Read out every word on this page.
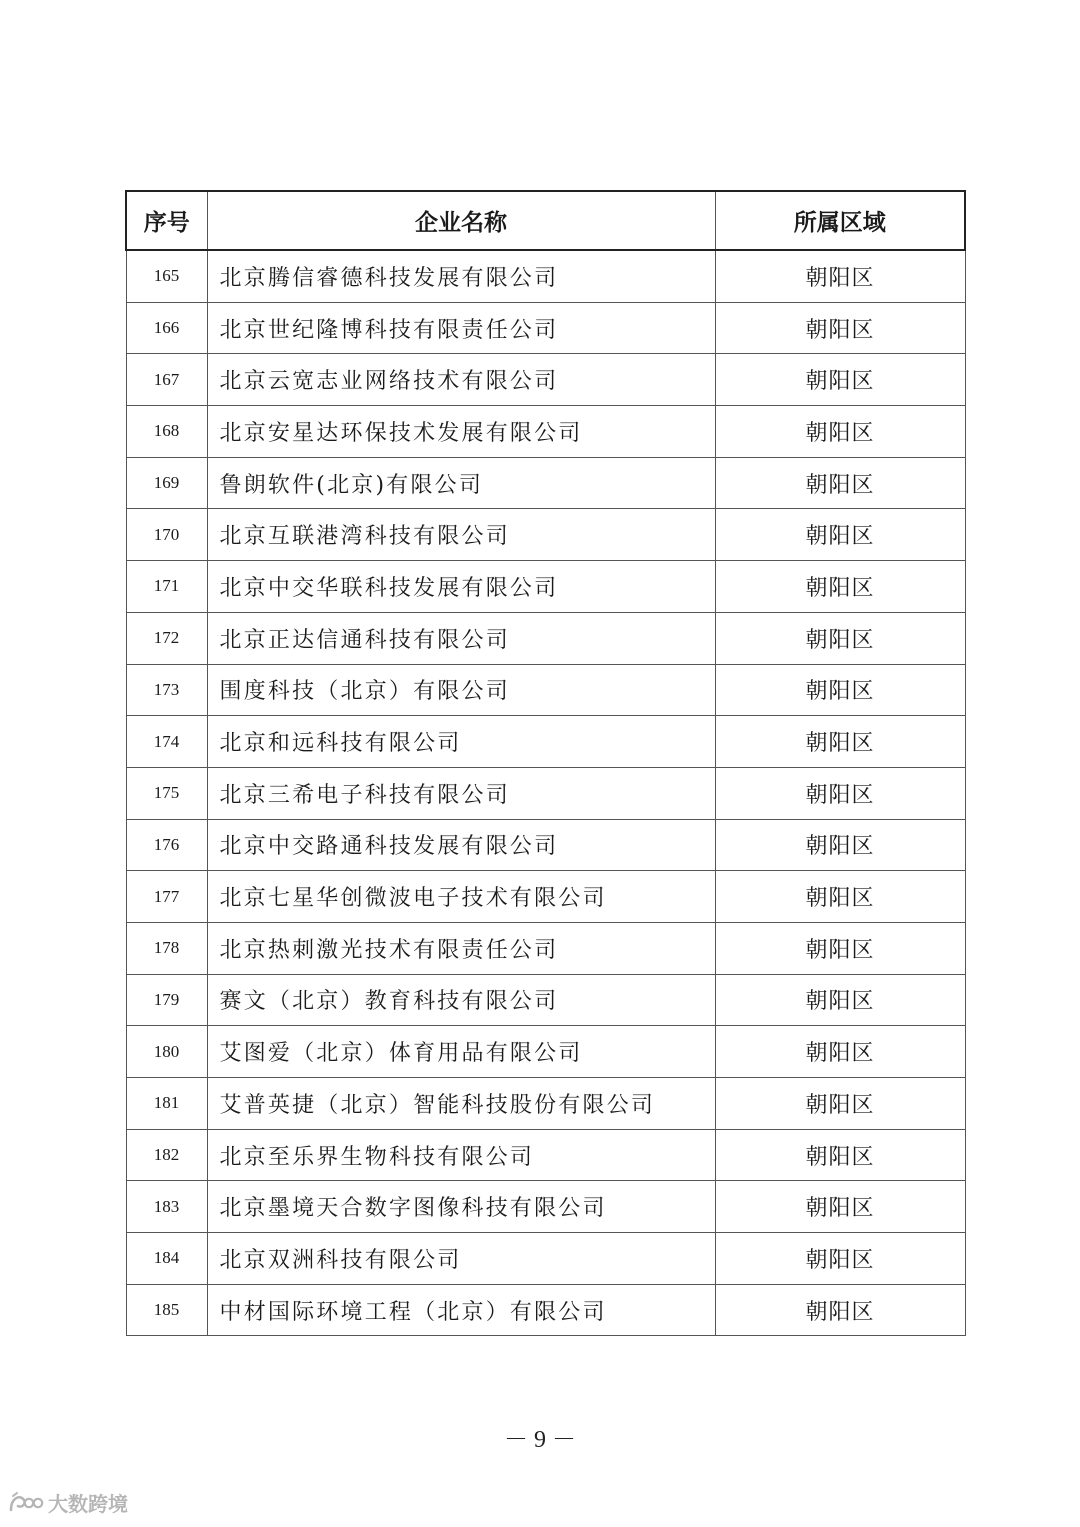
序号	企业名称	所属区域
165	北京腾信睿德科技发展有限公司	朝阳区
166	北京世纪隆博科技有限责任公司	朝阳区
167	北京云宽志业网络技术有限公司	朝阳区
168	北京安星达环保技术发展有限公司	朝阳区
169	鲁朗软件(北京)有限公司	朝阳区
170	北京互联港湾科技有限公司	朝阳区
171	北京中交华联科技发展有限公司	朝阳区
172	北京正达信通科技有限公司	朝阳区
173	围度科技（北京）有限公司	朝阳区
174	北京和远科技有限公司	朝阳区
175	北京三希电子科技有限公司	朝阳区
176	北京中交路通科技发展有限公司	朝阳区
177	北京七星华创微波电子技术有限公司	朝阳区
178	北京热刺激光技术有限责任公司	朝阳区
179	赛文（北京）教育科技有限公司	朝阳区
180	艾图爱（北京）体育用品有限公司	朝阳区
181	艾普英捷（北京）智能科技股份有限公司	朝阳区
182	北京至乐界生物科技有限公司	朝阳区
183	北京墨境天合数字图像科技有限公司	朝阳区
184	北京双洲科技有限公司	朝阳区
185	中材国际环境工程（北京）有限公司	朝阳区
－ 9 －
大数跨境
